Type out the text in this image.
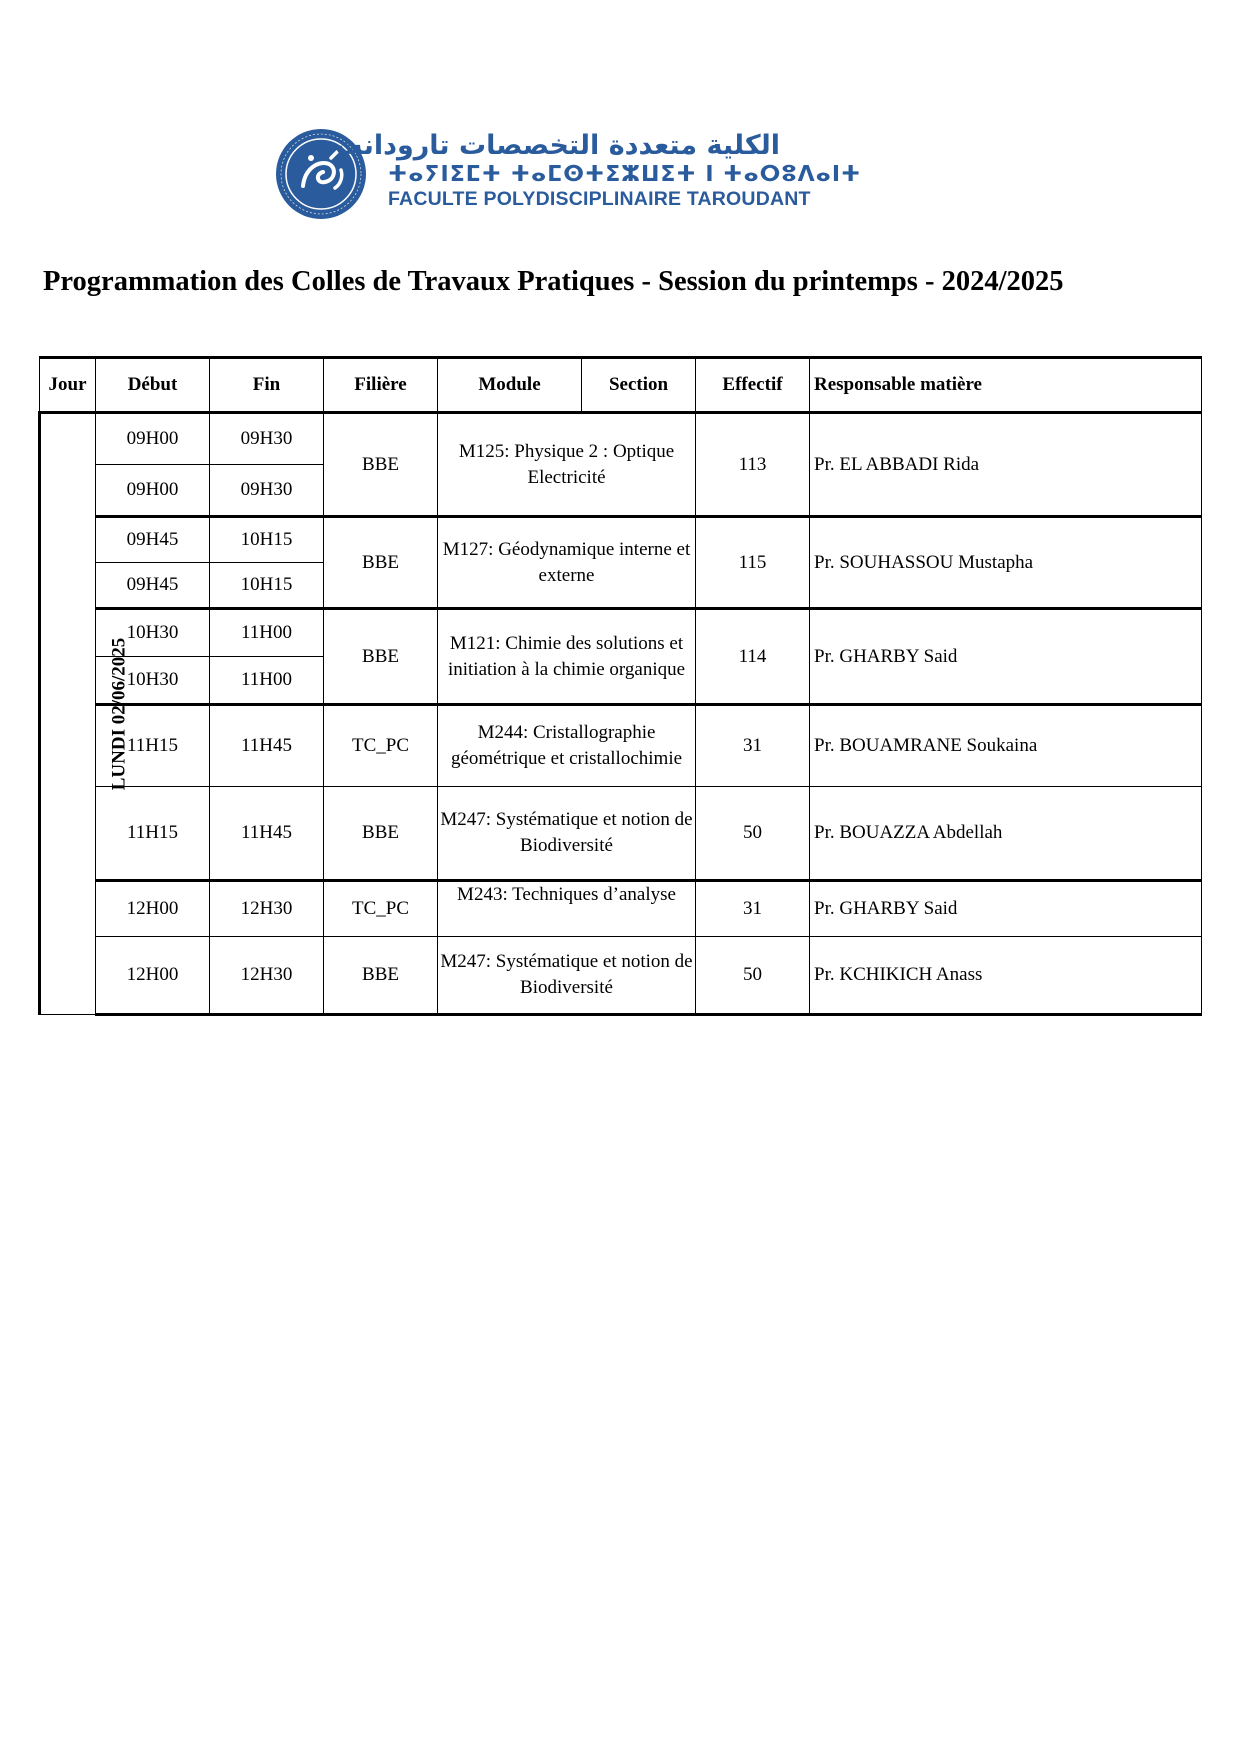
الكلية متعددة التخصصات تارودانت
ⵜⴰⵢⵏⵉⵎⵜ ⵜⴰⵎⵙⵜⵉⵣⵡⵉⵜ ⵏ ⵜⴰⵔⵓⴷⴰⵏⵜ
FACULTE POLYDISCIPLINAIRE TAROUDANT
Programmation des Colles de Travaux Pratiques - Session du printemps - 2024/2025
Jour	Début	Fin	Filière	Module	Section	Effectif	Responsable matière
LUNDI 02/06/2025	09H00	09H30	BBE	M125: Physique 2 : Optique Electricité		113	Pr. EL ABBADI Rida
	09H00	09H30					
	09H45	10H15	BBE	M127: Géodynamique interne et externe		115	Pr. SOUHASSOU Mustapha
	09H45	10H15					
	10H30	11H00	BBE	M121: Chimie des solutions et initiation à la chimie organique		114	Pr. GHARBY Said
	10H30	11H00					
	11H15	11H45	TC_PC	M244: Cristallographie géométrique et cristallochimie		31	Pr. BOUAMRANE Soukaina
	11H15	11H45	BBE	M247: Systématique et notion de Biodiversité		50	Pr. BOUAZZA Abdellah
	12H00	12H30	TC_PC	M243: Techniques d’analyse		31	Pr. GHARBY Said
	12H00	12H30	BBE	M247: Systématique et notion de Biodiversité		50	Pr. KCHIKICH Anass
